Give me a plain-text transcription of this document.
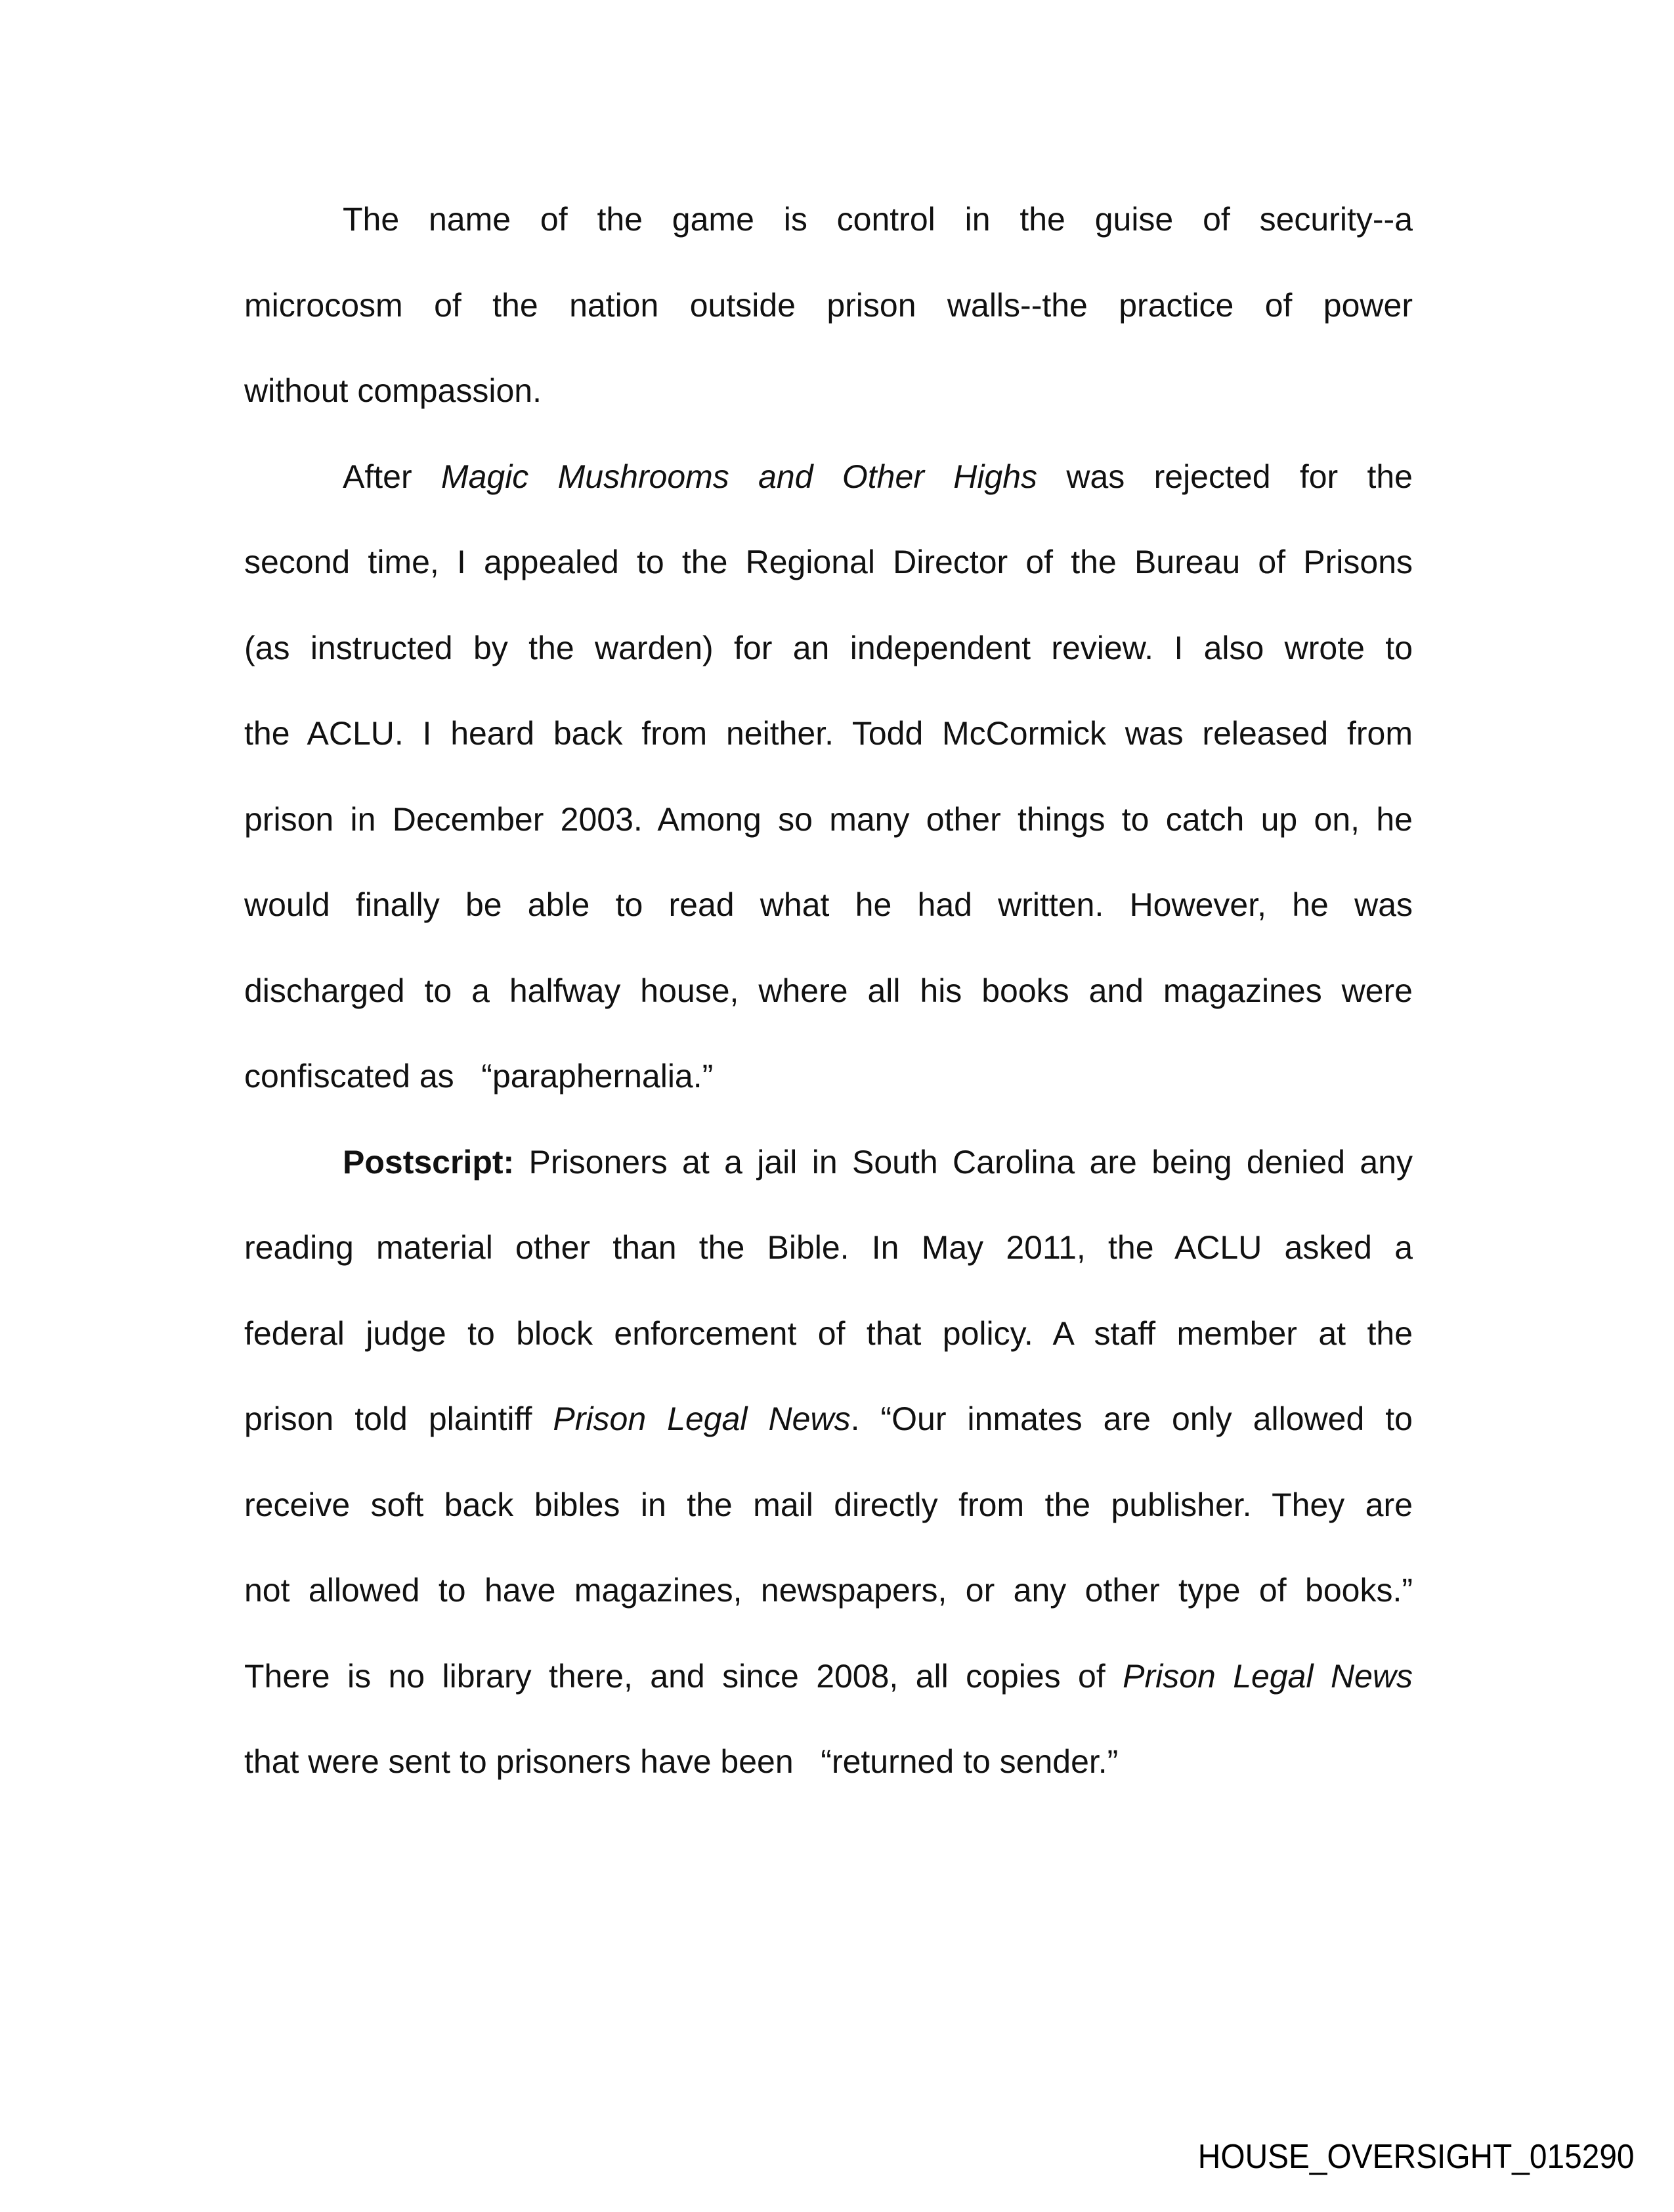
The name of the game is control in the guise of security--a
microcosm of the nation outside prison walls--the practice of power
without compassion.
After Magic Mushrooms and Other Highs was rejected for the
second time, I appealed to the Regional Director of the Bureau of Prisons
(as instructed by the warden) for an independent review. I also wrote to
the ACLU. I heard back from neither. Todd McCormick was released from
prison in December 2003. Among so many other things to catch up on, he
would finally be able to read what he had written. However, he was
discharged to a halfway house, where all his books and magazines were
confiscated as   “paraphernalia.”
Postscript: Prisoners at a jail in South Carolina are being denied any
reading material other than the Bible. In May 2011, the ACLU asked a
federal judge to block enforcement of that policy. A staff member at the
prison told plaintiff Prison Legal News. “Our inmates are only allowed to
receive soft back bibles in the mail directly from the publisher. They are
not allowed to have magazines, newspapers, or any other type of books.”
There is no library there, and since 2008, all copies of Prison Legal News
that were sent to prisoners have been   “returned to sender.”
HOUSE_OVERSIGHT_015290
